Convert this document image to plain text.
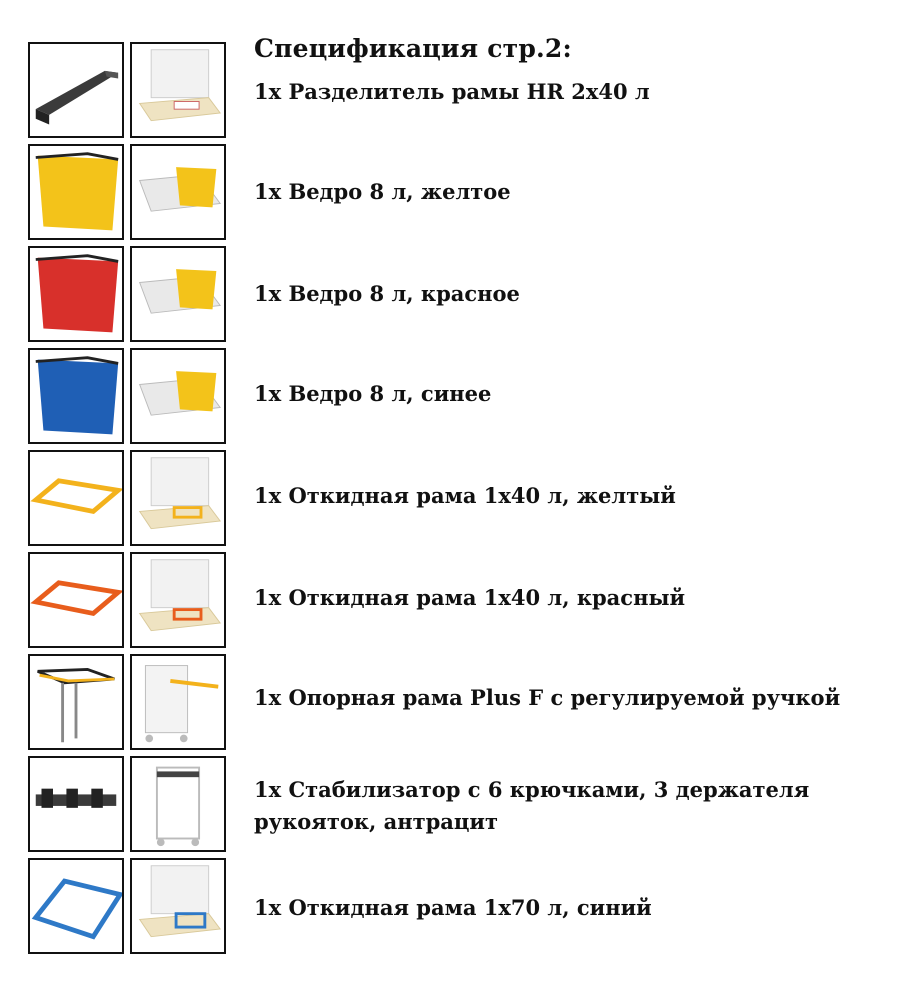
Спецификация стр.2:
1x Разделитель рамы HR 2x40 л
1x Ведро 8 л, желтое
1x Ведро 8 л, красное
1x Ведро 8 л, синее
1x Откидная рама 1x40 л, желтый
1x Откидная рама 1x40 л, красный
1x Опорная рама Plus F с регулируемой ручкой
1x Стабилизатор с 6 крючками, 3 держателя
рукояток, антрацит
1x Откидная рама 1x70 л, синий
